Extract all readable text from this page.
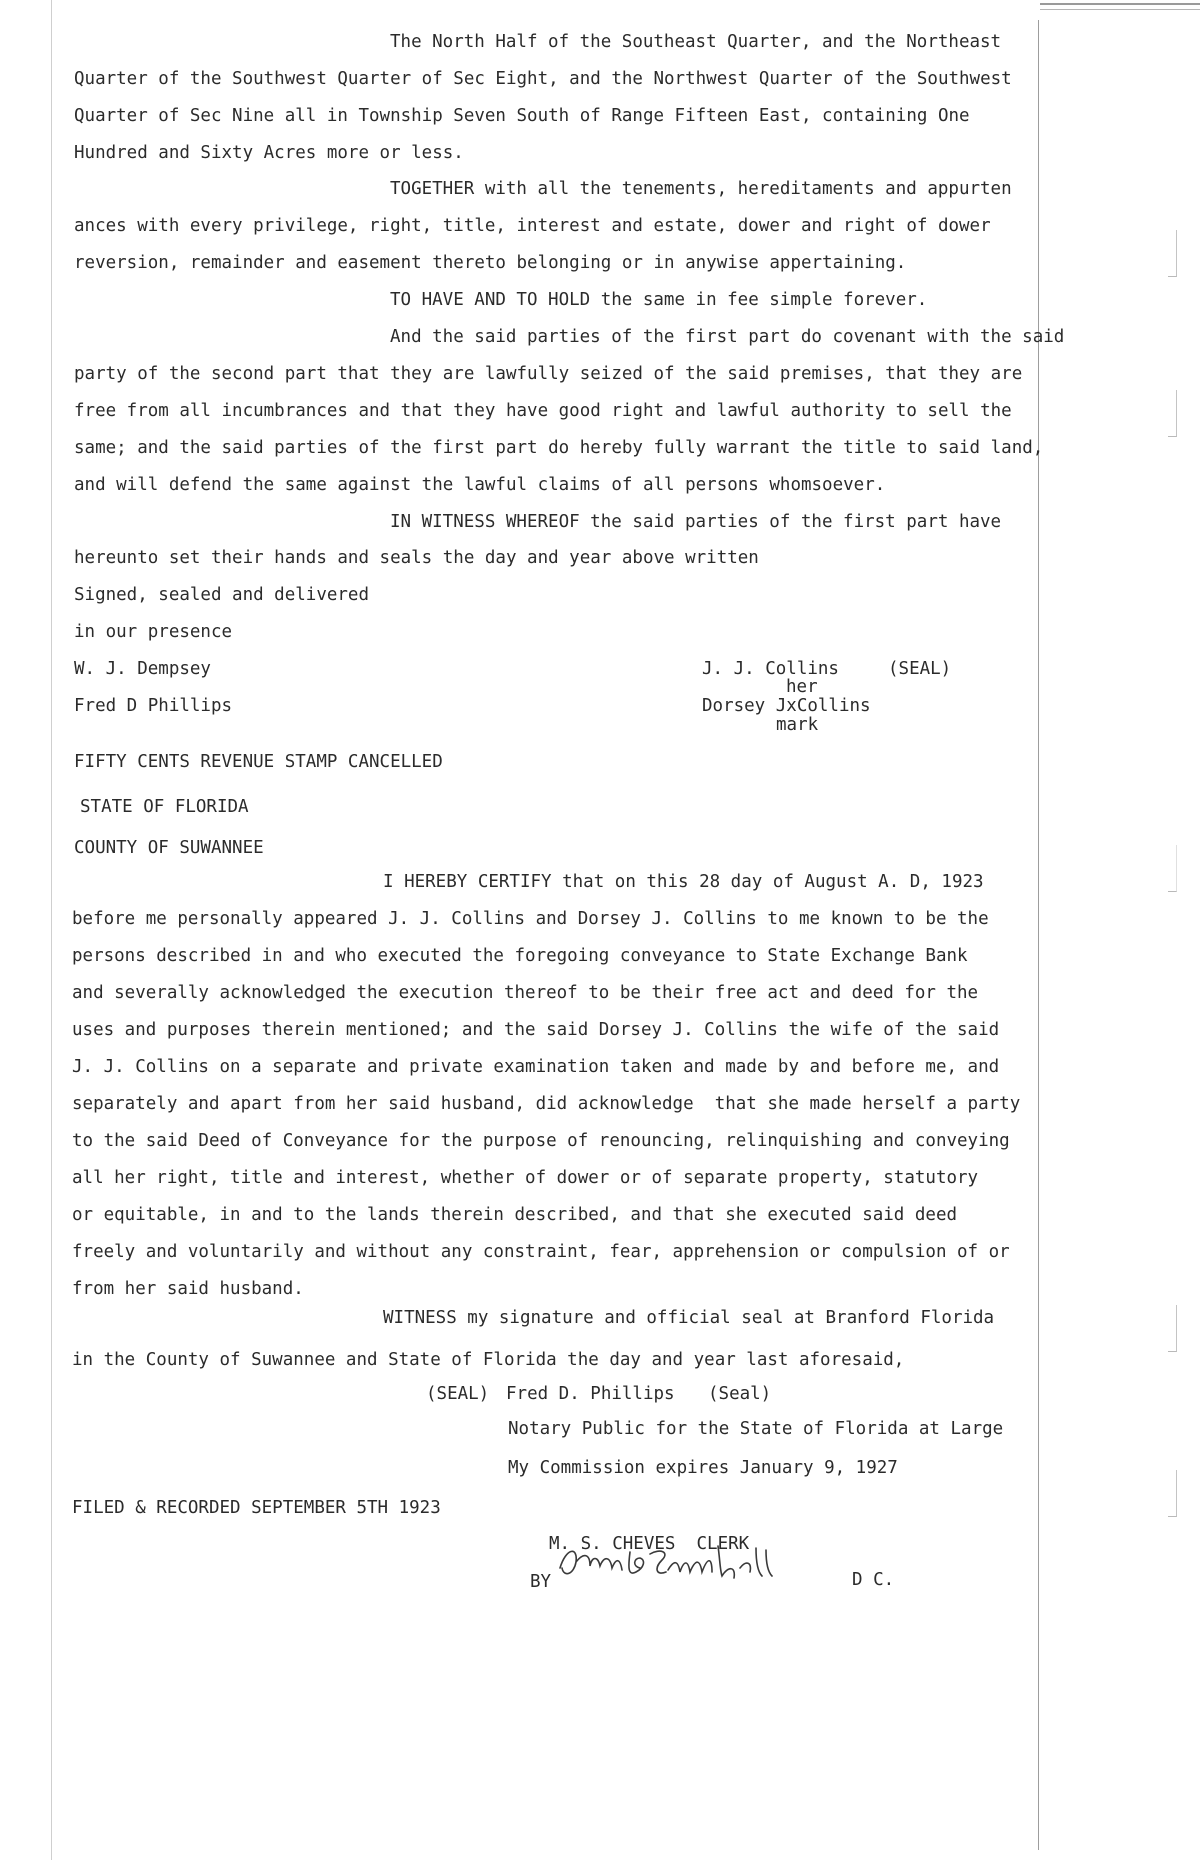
The North Half of the Southeast Quarter, and the Northeast
Quarter of the Southwest Quarter of Sec Eight, and the Northwest Quarter of the Southwest
Quarter of Sec Nine all in Township Seven South of Range Fifteen East, containing One
Hundred and Sixty Acres more or less.
TOGETHER with all the tenements, hereditaments and appurten
ances with every privilege, right, title, interest and estate, dower and right of dower
reversion, remainder and easement thereto belonging or in anywise appertaining.
TO HAVE AND TO HOLD the same in fee simple forever.
And the said parties of the first part do covenant with the said
party of the second part that they are lawfully seized of the said premises, that they are
free from all incumbrances and that they have good right and lawful authority to sell the
same; and the said parties of the first part do hereby fully warrant the title to said land,
and will defend the same against the lawful claims of all persons whomsoever.
IN WITNESS WHEREOF the said parties of the first part have
hereunto set their hands and seals the day and year above written
Signed, sealed and delivered
in our presence
W. J. Dempsey
Fred D Phillips
J. J. Collins	(SEAL)
her
Dorsey JxCollins
mark
FIFTY CENTS REVENUE STAMP CANCELLED
STATE OF FLORIDA
COUNTY OF SUWANNEE
I HEREBY CERTIFY that on this 28 day of August A. D, 1923
before me personally appeared J. J. Collins and Dorsey J. Collins to me known to be the
persons described in and who executed the foregoing conveyance to State Exchange Bank
and severally acknowledged the execution thereof to be their free act and deed for the
uses and purposes therein mentioned; and the said Dorsey J. Collins the wife of the said
J. J. Collins on a separate and private examination taken and made by and before me, and
separately and apart from her said husband, did acknowledge  that she made herself a party
to the said Deed of Conveyance for the purpose of renouncing, relinquishing and conveying
all her right, title and interest, whether of dower or of separate property, statutory
or equitable, in and to the lands therein described, and that she executed said deed
freely and voluntarily and without any constraint, fear, apprehension or compulsion of or
from her said husband.
WITNESS my signature and official seal at Branford Florida
in the County of Suwannee and State of Florida the day and year last aforesaid,
(SEAL) Fred D. Phillips (Seal)
Notary Public for the State of Florida at Large
My Commission expires January 9, 1927
FILED & RECORDED SEPTEMBER 5TH 1923
M. S. CHEVES  CLERK
BY	D C.
